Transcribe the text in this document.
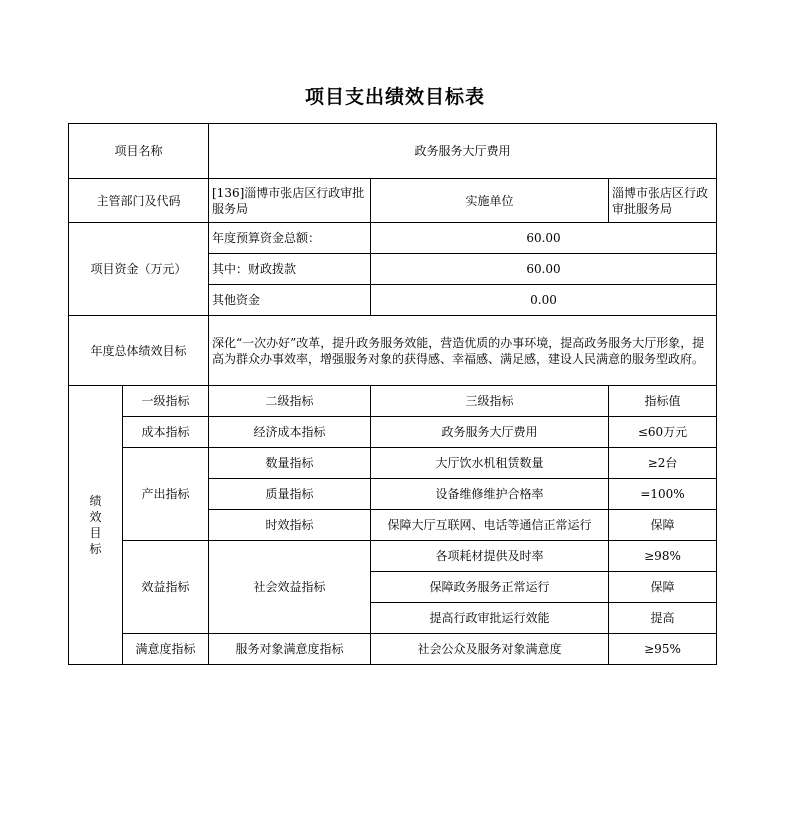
项目支出绩效目标表
项目名称		政务服务大厅费用		
主管部门及代码		[136]淄博市张店区行政审批服务局	实施单位	淄博市张店区行政审批服务局
项目资金（万元）		年度预算资金总额：	60.00	
		其中：财政拨款	60.00	
		其他资金	0.00	
年度总体绩效目标		深化“一次办好”改革，提升政务服务效能，营造优质的办事环境，提高政务服务大厅形象，提高为群众办事效率，增强服务对象的获得感、幸福感、满足感，建设人民满意的服务型政府。		

绩
效
目
标	一级指标	二级指标	三级指标	指标值
	成本指标	经济成本指标	政务服务大厅费用	≤60万元
	产出指标	数量指标	大厅饮水机租赁数量	≥2台
		质量指标	设备维修维护合格率	=100%
		时效指标	保障大厅互联网、电话等通信正常运行	保障
	效益指标	社会效益指标	各项耗材提供及时率	≥98%
			保障政务服务正常运行	保障
			提高行政审批运行效能	提高
	满意度指标	服务对象满意度指标	社会公众及服务对象满意度	≥95%
